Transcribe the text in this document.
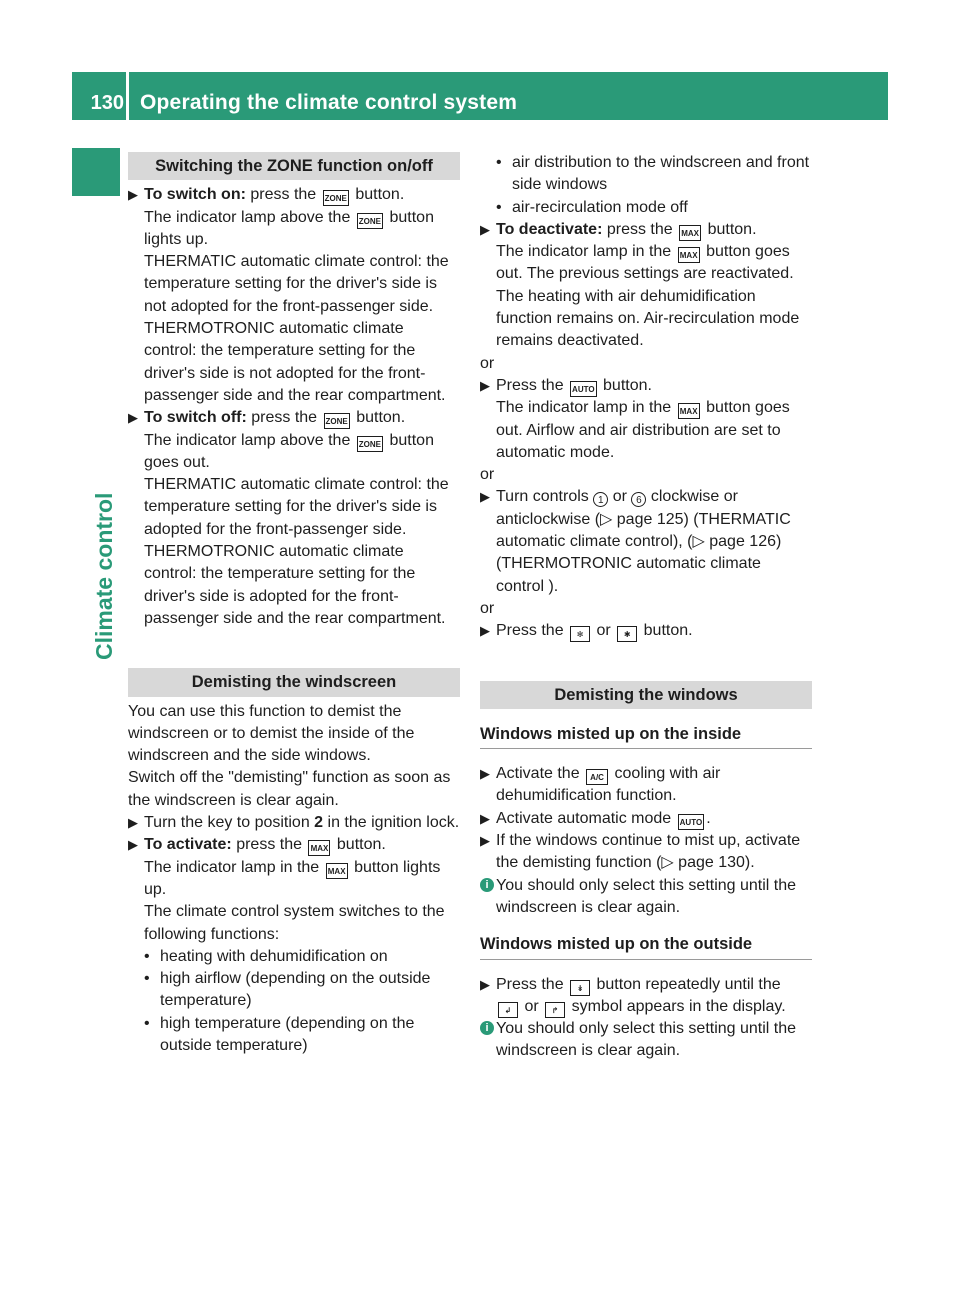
130 Operating the climate control system
Climate control
Switching the ZONE function on/off
▶ To switch on: press the ZONE button.
The indicator lamp above the ZONE button lights up.

THERMATIC automatic climate control: the temperature setting for the driver's side is not adopted for the front-passenger side.

THERMOTRONIC automatic climate control: the temperature setting for the driver's side is not adopted for the front-passenger side and the rear compartment.

▶ To switch off: press the ZONE button.
The indicator lamp above the ZONE button goes out.

THERMATIC automatic climate control: the temperature setting for the driver's side is adopted for the front-passenger side.

THERMOTRONIC automatic climate control: the temperature setting for the driver's side is adopted for the front-passenger side and the rear compartment.

Demisting the windscreen

You can use this function to demist the windscreen or to demist the inside of the windscreen and the side windows.

Switch off the "demisting" function as soon as the windscreen is clear again.

▶ Turn the key to position 2 in the ignition lock.
▶ To activate: press the MAX button.
The indicator lamp in the MAX button lights up.

The climate control system switches to the following functions:

• heating with dehumidification on
• high airflow (depending on the outside temperature)
• high temperature (depending on the outside temperature)
• air distribution to the windscreen and front side windows
• air-recirculation mode off
▶ To deactivate: press the MAX button.
The indicator lamp in the MAX button goes out. The previous settings are reactivated. The heating with air dehumidification function remains on. Air-recirculation mode remains deactivated.

or

▶ Press the AUTO button.
The indicator lamp in the MAX button goes out. Airflow and air distribution are set to automatic mode.

or

▶ Turn controls 1 or 6 clockwise or anticlockwise (▷ page 125) (THERMATIC automatic climate control), (▷ page 126) (THERMOTRONIC automatic climate control ).

or

▶ Press the ✻ or ✱ button.
Demisting the windows
Windows misted up on the inside
▶ Activate the A/C cooling with air dehumidification function.
▶ Activate automatic mode AUTO .
▶ If the windows continue to mist up, activate the demisting function (▷ page 130).
i You should only select this setting until the windscreen is clear again.
Windows misted up on the outside
▶ Press the ↡ button repeatedly until the
↲ or ↱ symbol appears in the display.
i You should only select this setting until the windscreen is clear again.
